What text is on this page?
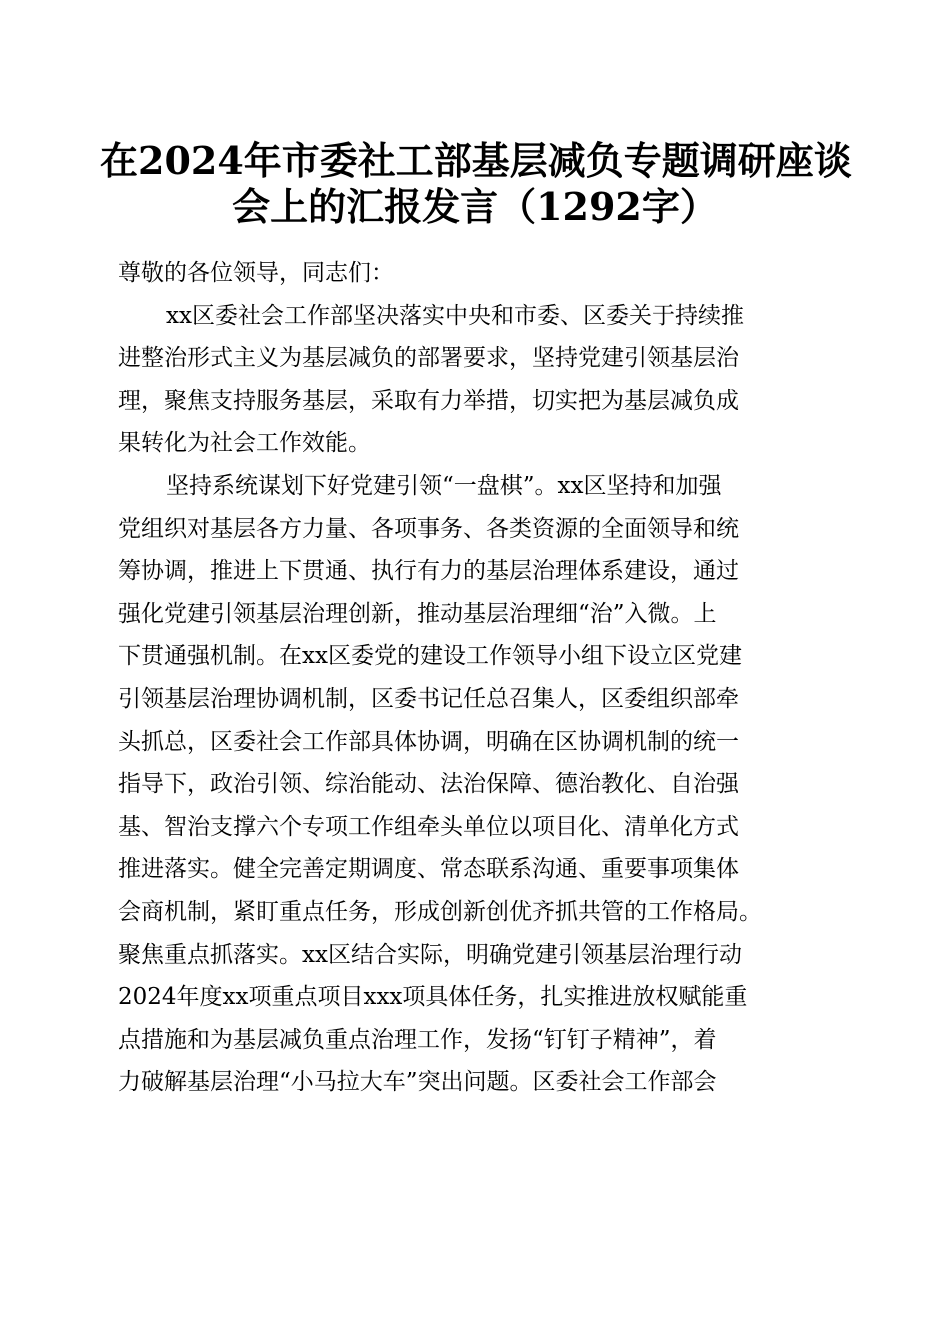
在2024年市委社工部基层减负专题调研座谈
会上的汇报发言（1292字）

尊敬的各位领导，同志们：

xx区委社会工作部坚决落实中央和市委、区委关于持续推
进整治形式主义为基层减负的部署要求，坚持党建引领基层治
理，聚焦支持服务基层，采取有力举措，切实把为基层减负成
果转化为社会工作效能。

坚持系统谋划下好党建引领“一盘棋”。xx区坚持和加强
党组织对基层各方力量、各项事务、各类资源的全面领导和统
筹协调，推进上下贯通、执行有力的基层治理体系建设，通过
强化党建引领基层治理创新，推动基层治理细“治”入微。上
下贯通强机制。在xx区委党的建设工作领导小组下设立区党建
引领基层治理协调机制，区委书记任总召集人，区委组织部牵
头抓总，区委社会工作部具体协调，明确在区协调机制的统一
指导下，政治引领、综治能动、法治保障、德治教化、自治强
基、智治支撑六个专项工作组牵头单位以项目化、清单化方式
推进落实。健全完善定期调度、常态联系沟通、重要事项集体
会商机制，紧盯重点任务，形成创新创优齐抓共管的工作格局。
聚焦重点抓落实。xx区结合实际，明确党建引领基层治理行动
2024年度xx项重点项目xxx项具体任务，扎实推进放权赋能重
点措施和为基层减负重点治理工作，发扬“钉钉子精神”，着
力破解基层治理“小马拉大车”突出问题。区委社会工作部会
